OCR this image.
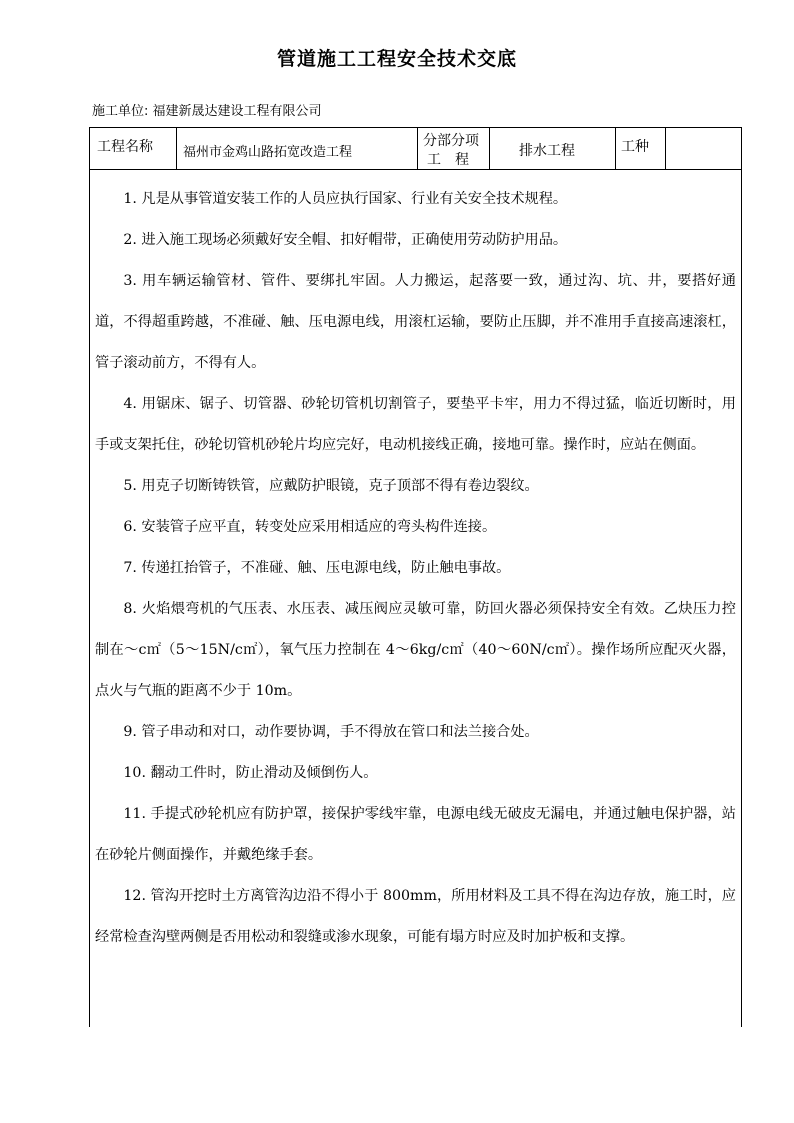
管道施工工程安全技术交底
施工单位: 福建新晟达建设工程有限公司
工程名称 福州市金鸡山路拓宽改造工程
分部分项
工　程
排水工程	工种

1. 凡是从事管道安装工作的人员应执行国家、行业有关安全技术规程。

2. 进入施工现场必须戴好安全帽、扣好帽带，正确使用劳动防护用品。

3. 用车辆运输管材、管件、要绑扎牢固。人力搬运，起落要一致，通过沟、坑、井，要搭好通道，不得超重跨越，不准碰、触、压电源电线，用滚杠运输，要防止压脚，并不准用手直接高速滚杠，管子滚动前方，不得有人。

4. 用锯床、锯子、切管器、砂轮切管机切割管子，要垫平卡牢，用力不得过猛，临近切断时，用手或支架托住，砂轮切管机砂轮片均应完好，电动机接线正确，接地可靠。操作时，应站在侧面。

5. 用克子切断铸铁管，应戴防护眼镜，克子顶部不得有卷边裂纹。

6. 安装管子应平直，转变处应采用相适应的弯头构件连接。

7. 传递扛抬管子，不准碰、触、压电源电线，防止触电事故。

8. 火焰煨弯机的气压表、水压表、减压阀应灵敏可靠，防回火器必须保持安全有效。乙炔压力控制在～c㎡（5～15N/c㎡），氧气压力控制在 4～6kg/c㎡（40～60N/c㎡）。操作场所应配灭火器，点火与气瓶的距离不少于 10m。

9. 管子串动和对口，动作要协调，手不得放在管口和法兰接合处。

10. 翻动工件时，防止滑动及倾倒伤人。

11. 手提式砂轮机应有防护罩，接保护零线牢靠，电源电线无破皮无漏电，并通过触电保护器，站在砂轮片侧面操作，并戴绝缘手套。

12. 管沟开挖时土方离管沟边沿不得小于 800mm，所用材料及工具不得在沟边存放，施工时，应经常检查沟壁两侧是否用松动和裂缝或渗水现象，可能有塌方时应及时加护板和支撑。
